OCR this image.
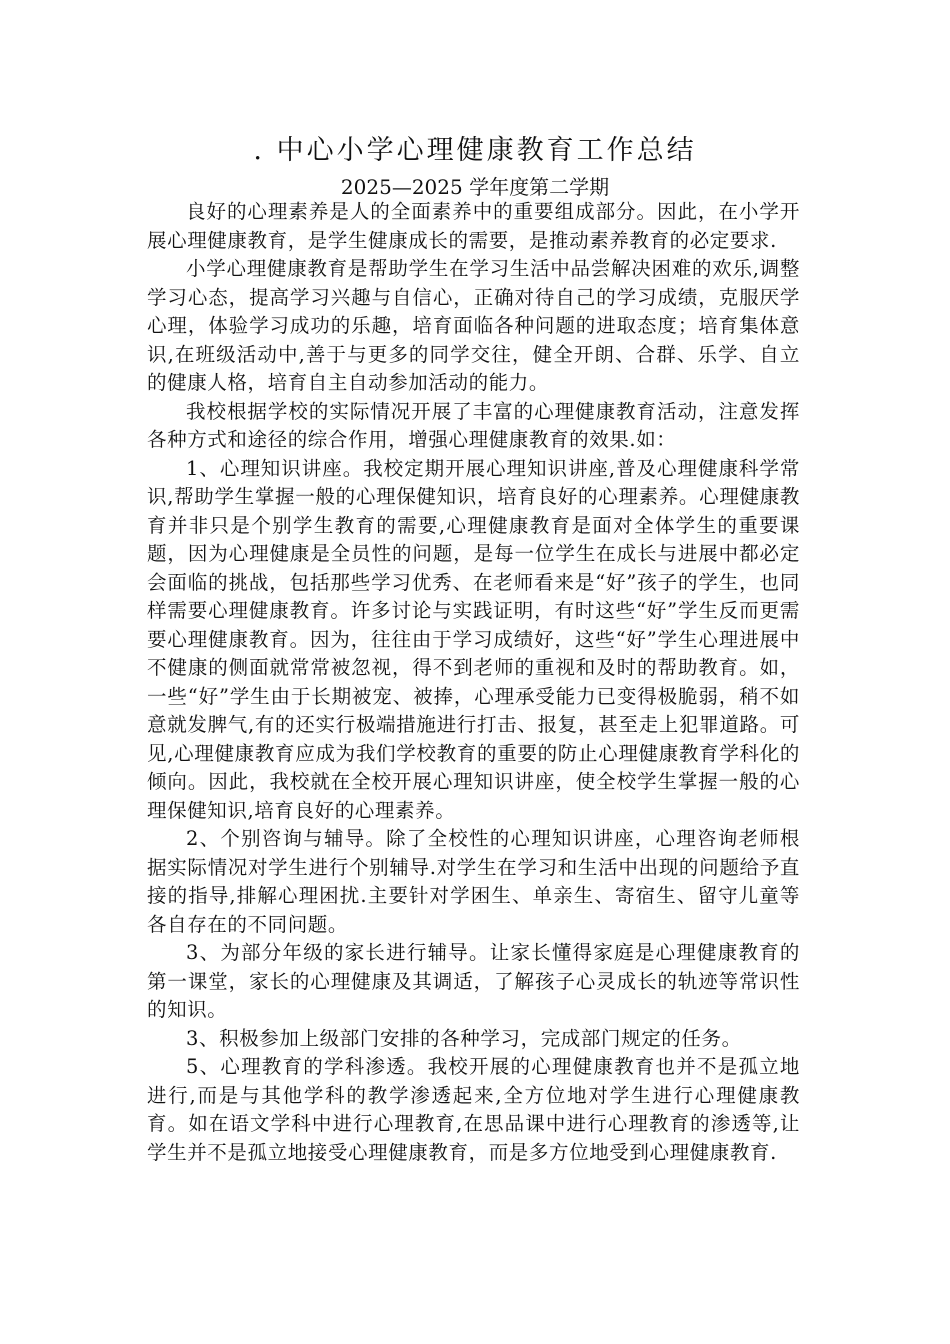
. 中心小学心理健康教育工作总结
2025—2025 学年度第二学期

良好的心理素养是人的全面素养中的重要组成部分。因此，在小学开展心理健康教育，是学生健康成长的需要，是推动素养教育的必定要求.

小学心理健康教育是帮助学生在学习生活中品尝解决困难的欢乐,调整学习心态，提高学习兴趣与自信心，正确对待自己的学习成绩，克服厌学心理，体验学习成功的乐趣，培育面临各种问题的进取态度；培育集体意识,在班级活动中,善于与更多的同学交往，健全开朗、合群、乐学、自立的健康人格，培育自主自动参加活动的能力。

我校根据学校的实际情况开展了丰富的心理健康教育活动，注意发挥各种方式和途径的综合作用，增强心理健康教育的效果.如：

1、心理知识讲座。我校定期开展心理知识讲座,普及心理健康科学常识,帮助学生掌握一般的心理保健知识，培育良好的心理素养。心理健康教育并非只是个别学生教育的需要,心理健康教育是面对全体学生的重要课题，因为心理健康是全员性的问题，是每一位学生在成长与进展中都必定会面临的挑战，包括那些学习优秀、在老师看来是“好”孩子的学生，也同样需要心理健康教育。许多讨论与实践证明，有时这些“好”学生反而更需要心理健康教育。因为，往往由于学习成绩好，这些“好”学生心理进展中不健康的侧面就常常被忽视，得不到老师的重视和及时的帮助教育。如，一些“好”学生由于长期被宠、被捧，心理承受能力已变得极脆弱，稍不如意就发脾气,有的还实行极端措施进行打击、报复，甚至走上犯罪道路。可见,心理健康教育应成为我们学校教育的重要的防止心理健康教育学科化的倾向。因此，我校就在全校开展心理知识讲座，使全校学生掌握一般的心理保健知识,培育良好的心理素养。

2、个别咨询与辅导。除了全校性的心理知识讲座，心理咨询老师根据实际情况对学生进行个别辅导.对学生在学习和生活中出现的问题给予直接的指导,排解心理困扰.主要针对学困生、单亲生、寄宿生、留守儿童等各自存在的不同问题。

3、为部分年级的家长进行辅导。让家长懂得家庭是心理健康教育的第一课堂，家长的心理健康及其调适，了解孩子心灵成长的轨迹等常识性的知识。

3、积极参加上级部门安排的各种学习，完成部门规定的任务。

5、心理教育的学科渗透。我校开展的心理健康教育也并不是孤立地进行,而是与其他学科的教学渗透起来,全方位地对学生进行心理健康教育。如在语文学科中进行心理教育,在思品课中进行心理教育的渗透等,让学生并不是孤立地接受心理健康教育，而是多方位地受到心理健康教育.
